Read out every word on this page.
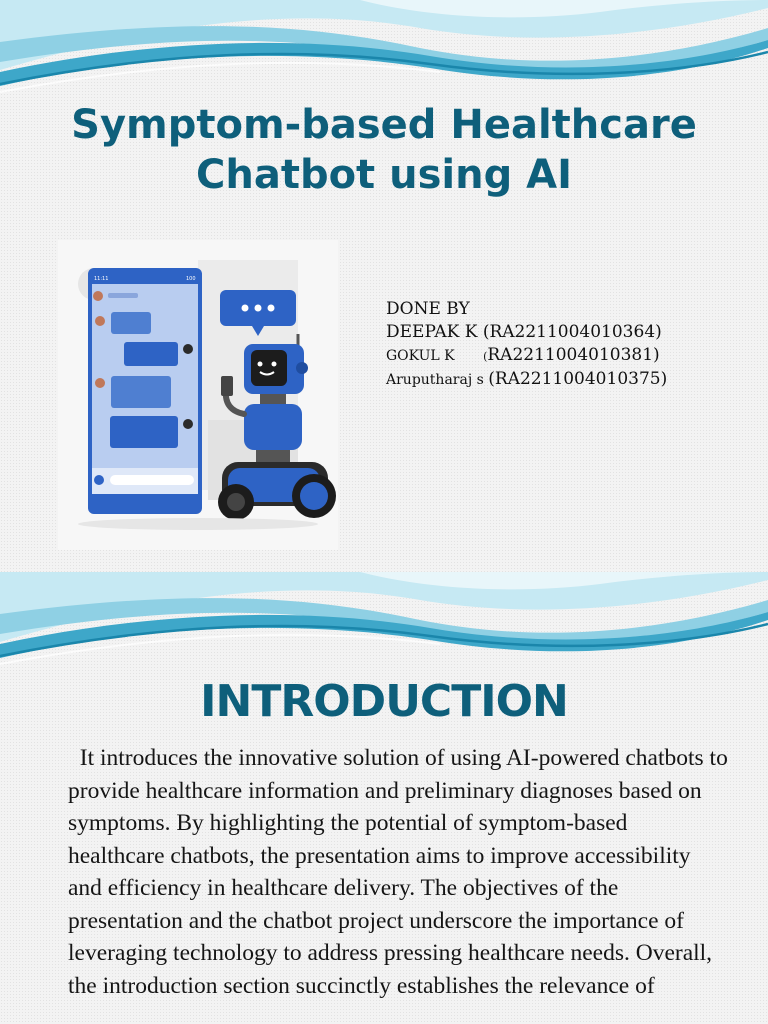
Symptom-based Healthcare
Chatbot using AI
11:11	100
DONE BY
DEEPAK K (RA2211004010364)
GOKUL K (RA2211004010381)
Aruputharaj s (RA2211004010375)
INTRODUCTION

It introduces the innovative solution of using AI-powered chatbots to provide healthcare information and preliminary diagnoses based on symptoms. By highlighting the potential of symptom-based healthcare chatbots, the presentation aims to improve accessibility and efficiency in healthcare delivery. The objectives of the presentation and the chatbot project underscore the importance of leveraging technology to address pressing healthcare needs. Overall, the introduction section succinctly establishes the relevance of
